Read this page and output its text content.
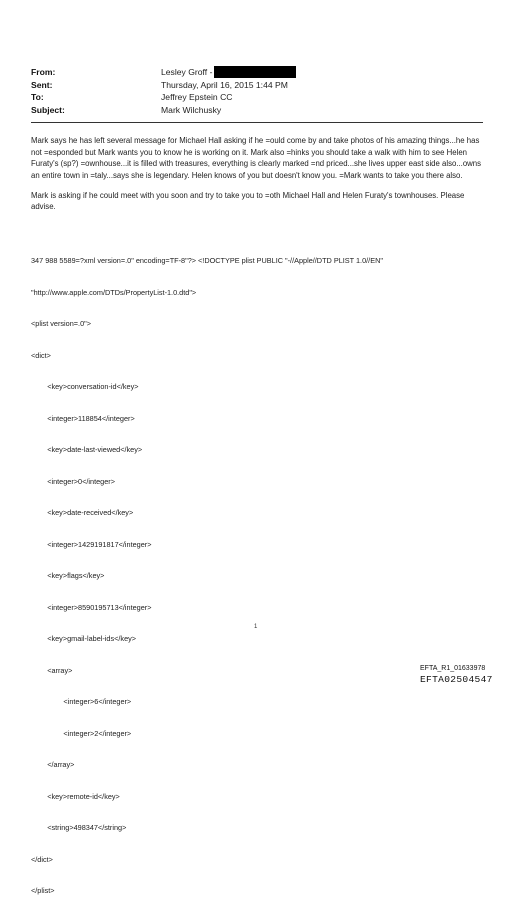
From:	Lesley Groff -
Sent:	Thursday, April 16, 2015 1:44 PM
To:	Jeffrey Epstein CC
Subject:	Mark Wilchusky

Mark says he has left several message for Michael Hall asking if he =ould come by and take photos of his amazing things...he has not =esponded but Mark wants you to know he is working on it. Mark also =hinks you should take a walk with him to see Helen Furaty's (sp?) =ownhouse...it is filled with treasures, everything is clearly marked =nd priced...she lives upper east side also...owns an entire town in =taly...says she is legendary. Helen knows of you but doesn't know you. =Mark wants to take you there also.

Mark is asking if he could meet with you soon and try to take you to =oth Michael Hall and Helen Furaty's townhouses. Please advise.

347 988 5589=?xml version=.0" encoding=TF-8"?> <!DOCTYPE plist PUBLIC "-//Apple//DTD PLIST 1.0//EN"

"http://www.apple.com/DTDs/PropertyList-1.0.dtd">

<plist version=.0">

<dict>

<key>conversation-id</key>

<integer>118854</integer>

<key>date-last-viewed</key>

<integer>0</integer>

<key>date-received</key>

<integer>1429191817</integer>

<key>flags</key>

<integer>8590195713</integer>

<key>gmail-label-ids</key>

<array>

<integer>6</integer>

<integer>2</integer>

</array>

<key>remote-id</key>

<string>498347</string>

</dict>

</plist>

1
EFTA_R1_01633978
EFTA02504547
